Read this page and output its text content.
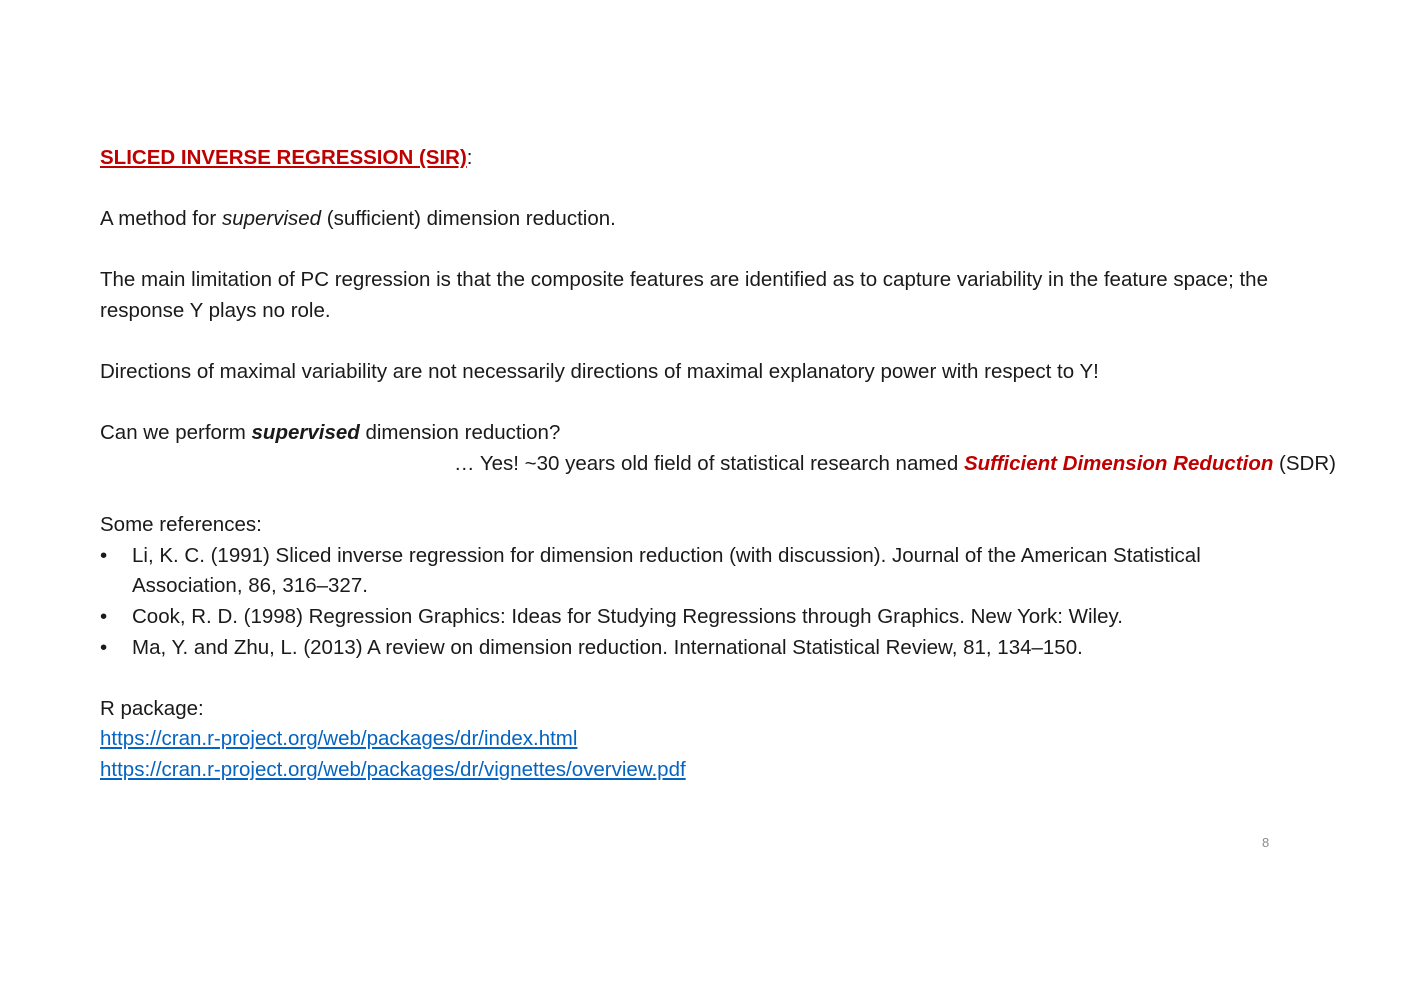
SLICED INVERSE REGRESSION (SIR):
A method for supervised (sufficient) dimension reduction.
The main limitation of PC regression is that the composite features are identified as to capture variability in the feature space; the response Y plays no role.
Directions of maximal variability are not necessarily directions of maximal explanatory power with respect to Y!
Can we perform supervised dimension reduction?
… Yes! ~30 years old field of statistical research named Sufficient Dimension Reduction (SDR)
Some references:
• Li, K. C. (1991) Sliced inverse regression for dimension reduction (with discussion). Journal of the American Statistical Association, 86, 316–327.
• Cook, R. D. (1998) Regression Graphics: Ideas for Studying Regressions through Graphics. New York: Wiley.
• Ma, Y. and Zhu, L. (2013) A review on dimension reduction. International Statistical Review, 81, 134–150.
R package:
https://cran.r-project.org/web/packages/dr/index.html
https://cran.r-project.org/web/packages/dr/vignettes/overview.pdf
8
